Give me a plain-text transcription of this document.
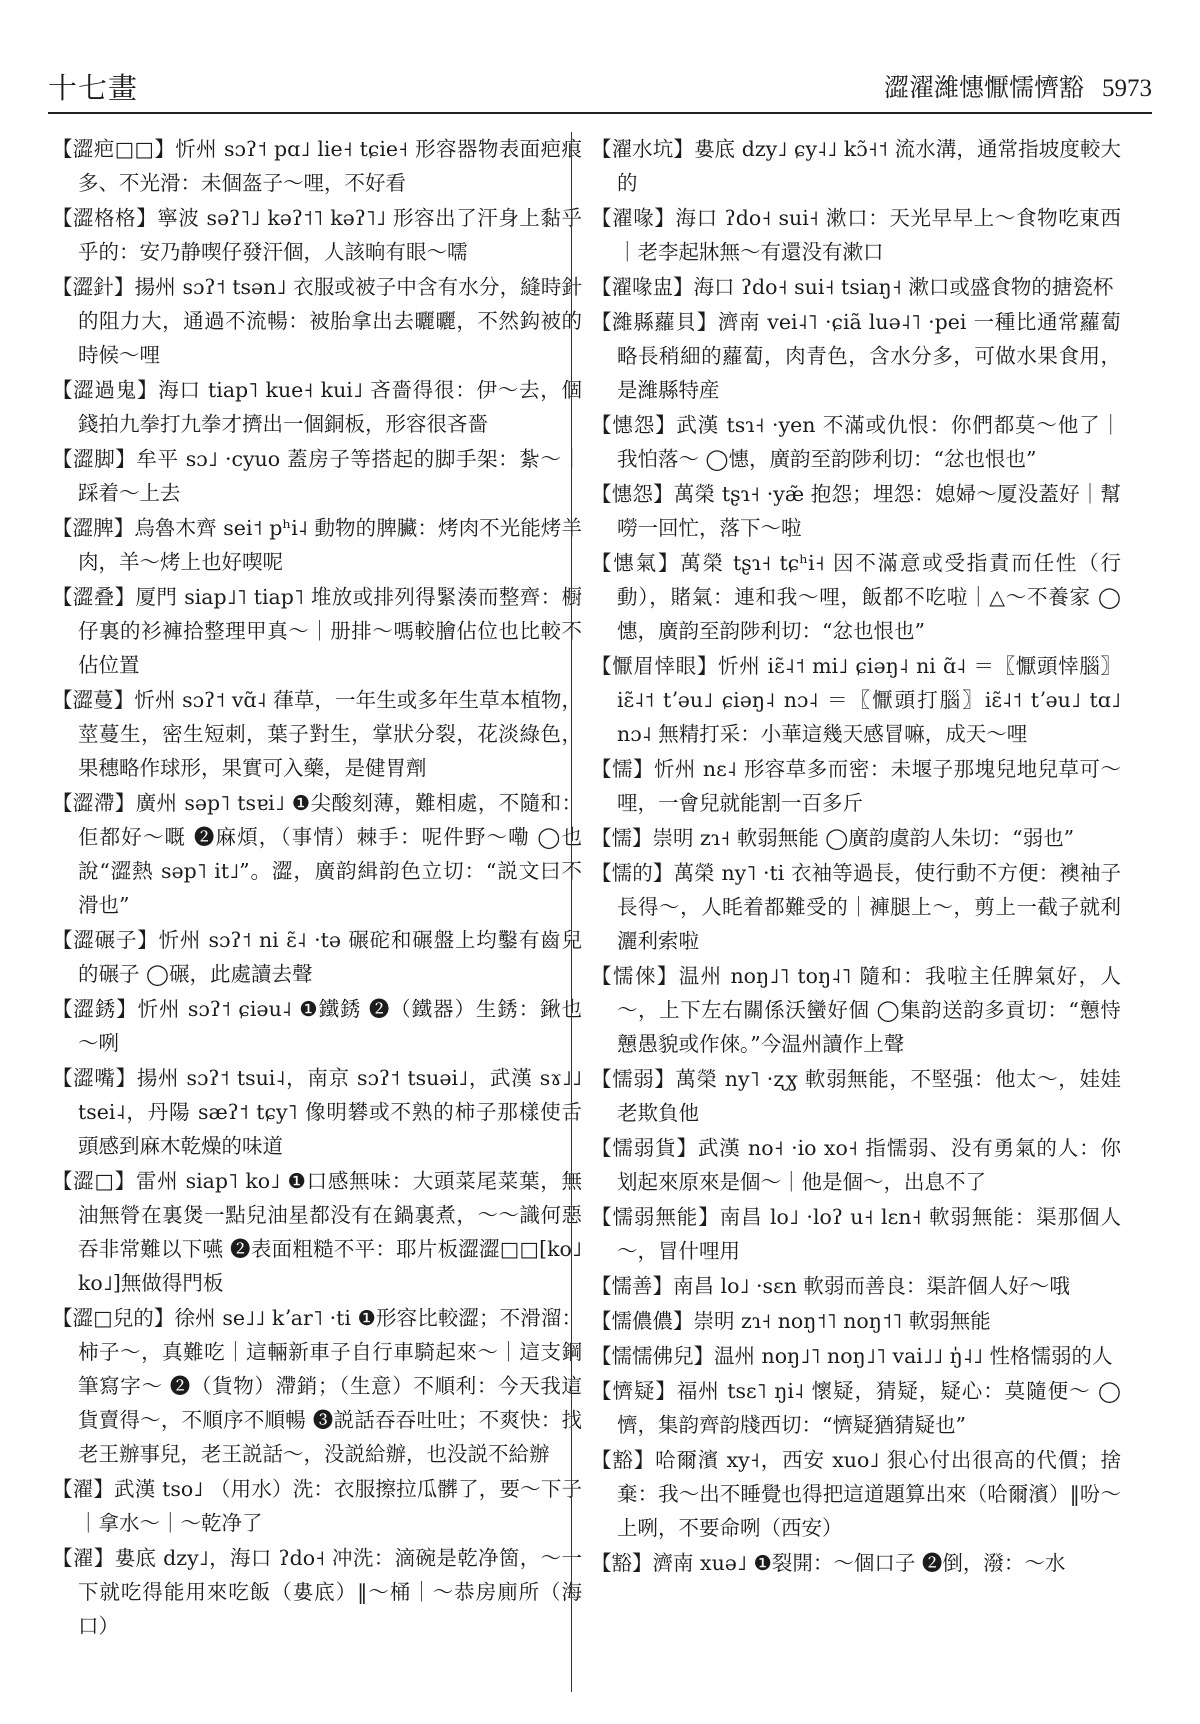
十七畫	澀濯濰憓懨懦懠豁 5973
【澀疤□□】忻州 sɔʔ˦ pɑ˩ lie˧ tɕie˧ 形容器物表面疤痕多、不光滑：未個盔子～哩，不好看
【澀格格】寧波 səʔ˥˩ kəʔ˦˥ kəʔ˥˩ 形容出了汗身上黏乎乎的：安乃静喫仔發汗個，人該晌有眼～嚅
【澀針】揚州 sɔʔ˦ tsən˩ 衣服或被子中含有水分，縫時針的阻力大，通過不流暢：被胎拿出去曬曬，不然鈎被的時候～哩
【澀過鬼】海口 tiap˥ kue˧ kui˩ 吝嗇得很：伊～去，個錢拍九拳打九拳才擠出一個銅板，形容很吝嗇
【澀脚】牟平 sɔ˩ ·cyuo 蓋房子等搭起的脚手架：紮～｜踩着～上去
【澀脾】烏魯木齊 sei˦ pʰi˨ 動物的脾臟：烤肉不光能烤羊肉，羊～烤上也好喫呢
【澀叠】厦門 siap˩˥ tiap˥ 堆放或排列得緊湊而整齊：橱仔裏的衫褲拾整理甲真～｜册排～嗎較膾佔位也比較不佔位置
【澀蔓】忻州 sɔʔ˦ vɑ̃˨ 葎草，一年生或多年生草本植物，莖蔓生，密生短刺，葉子對生，掌狀分裂，花淡綠色，果穗略作球形，果實可入藥，是健胃劑
【澀滯】廣州 səp˥ tsɐi˩ ❶尖酸刻薄，難相處，不隨和：佢都好～嘅 ❷麻煩，（事情）棘手：呢件野～嘞 ◯也說“澀熱 səp˥ it˩”。澀，廣韵緝韵色立切：“説文曰不滑也”
【澀碾子】忻州 sɔʔ˦ ni ɛ̃˨ ·tə 碾砣和碾盤上均鑿有齒兒的碾子 ◯碾，此處讀去聲
【澀銹】忻州 sɔʔ˦ ɕiəu˨ ❶鐵銹 ❷（鐵器）生銹：鍬也～咧
【澀嘴】揚州 sɔʔ˦ tsui˨，南京 sɔʔ˦ tsuəi˩，武漢 sɤ˩˩ tsei˨，丹陽 sæʔ˦ tɕy˥ 像明礬或不熟的柿子那樣使舌頭感到麻木乾燥的味道
【澀□】雷州 siap˥ ko˩ ❶口感無味：大頭菜尾菜葉，無油無膋在裏煲一點兒油星都没有在鍋裏煮，～～識何惡吞非常難以下嚥 ❷表面粗糙不平：耶片板澀澀□□[ko˩ ko˩]無做得門板
【澀□兒的】徐州 se˩˩ kʼar˥ ·ti ❶形容比較澀；不滑溜：柿子～，真難吃｜這輛新車子自行車騎起來～｜這支鋼筆寫字～ ❷（貨物）滯銷；（生意）不順利：今天我這貨賣得～，不順序不順暢 ❸説話吞吞吐吐；不爽快：找老王辦事兒，老王説話～，没説給辦，也没説不給辦
【濯】武漢 tso˩ （用水）洗：衣服擦拉瓜髒了，要～下子｜拿水～｜～乾净了
【濯】婁底 dzy˩，海口 ʔdo˧ 冲洗：滴碗是乾净箇，～一下就吃得能用來吃飯（婁底）‖～桶｜～恭房廁所（海口）
【濯水坑】婁底 dzy˩ ɕy˨˩ kɔ̃˧˦ 流水溝，通常指坡度較大的
【濯喙】海口 ʔdo˧ sui˧ 漱口：天光早早上～食物吃東西｜老李起牀無～有還没有漱口
【濯喙盅】海口 ʔdo˧ sui˧ tsiaŋ˧ 漱口或盛食物的搪瓷杯
【濰縣蘿貝】濟南 vei˨˥ ·ɕiã luə˨˥ ·pei 一種比通常蘿蔔略長稍細的蘿蔔，肉青色，含水分多，可做水果食用，是濰縣特産
【憓怨】武漢 tsɿ˧ ·yen 不滿或仇恨：你們都莫～他了｜我怕落～ ◯憓，廣韵至韵陟利切：“忿也恨也”
【憓怨】萬榮 tʂɿ˧ ·yæ̃ 抱怨；埋怨：媳婦～厦没蓋好｜幫嘮一回忙，落下～啦
【憓氣】萬榮 tʂɿ˧ tɕʰi˧ 因不滿意或受指責而任性（行動），賭氣：連和我～哩，飯都不吃啦｜△～不養家 ◯憓，廣韵至韵陟利切：“忿也恨也”
【懨眉悻眼】忻州 iɛ̃˨˦ mi˩ ɕiəŋ˨ ni ɑ̃˨ ＝〖懨頭悻腦〗iɛ̃˨˦ tʼəu˩ ɕiəŋ˨ nɔ˨ ＝〖懨頭打腦〗iɛ̃˨˦ tʼəu˩ tɑ˩ nɔ˨ 無精打采：小華這幾天感冒嘛，成天～哩
【懦】忻州 nɛ˨ 形容草多而密：未堰子那塊兒地兒草可～哩，一會兒就能割一百多斤
【懦】崇明 zɿ˧ 軟弱無能 ◯廣韵虞韵人朱切：“弱也”
【懦的】萬榮 ny˥ ·ti 衣袖等過長，使行動不方便：襖袖子長得～，人眊着都難受的｜褲腿上～，剪上一截子就利灑利索啦
【懦倈】温州 noŋ˩˥ toŋ˨˥ 隨和：我啦主任脾氣好，人～，上下左右關係沃蠻好個 ◯集韵送韵多貢切：“戅恃戅愚貌或作倈。”今温州讀作上聲
【懦弱】萬榮 ny˥ ·ʐɣ 軟弱無能，不堅强：他太～，娃娃老欺負他
【懦弱貨】武漢 no˧ ·io xo˧ 指懦弱、没有勇氣的人：你划起來原來是個～｜他是個～，出息不了
【懦弱無能】南昌 lo˩ ·loʔ u˧ lɛn˧ 軟弱無能：渠那個人～，冒什哩用
【懦善】南昌 lo˩ ·sɛn 軟弱而善良：渠許個人好～哦
【懦儂儂】崇明 zɿ˧ noŋ˦˥ noŋ˦˥ 軟弱無能
【懦懦佛兒】温州 noŋ˩˥ noŋ˩˥ vai˩˩ ŋ̍˨˩ 性格懦弱的人
【懠疑】福州 tsɛ˥ ŋi˨ 懷疑，猜疑，疑心：莫隨便～ ◯懠，集韵齊韵牋西切：“懠疑猶猜疑也”
【豁】哈爾濱 xy˧，西安 xuo˩ 狠心付出很高的代價；捨棄：我～出不睡覺也得把這道題算出來（哈爾濱）‖吩～上咧，不要命咧（西安）
【豁】濟南 xuə˩ ❶裂開：～個口子 ❷倒，潑：～水
